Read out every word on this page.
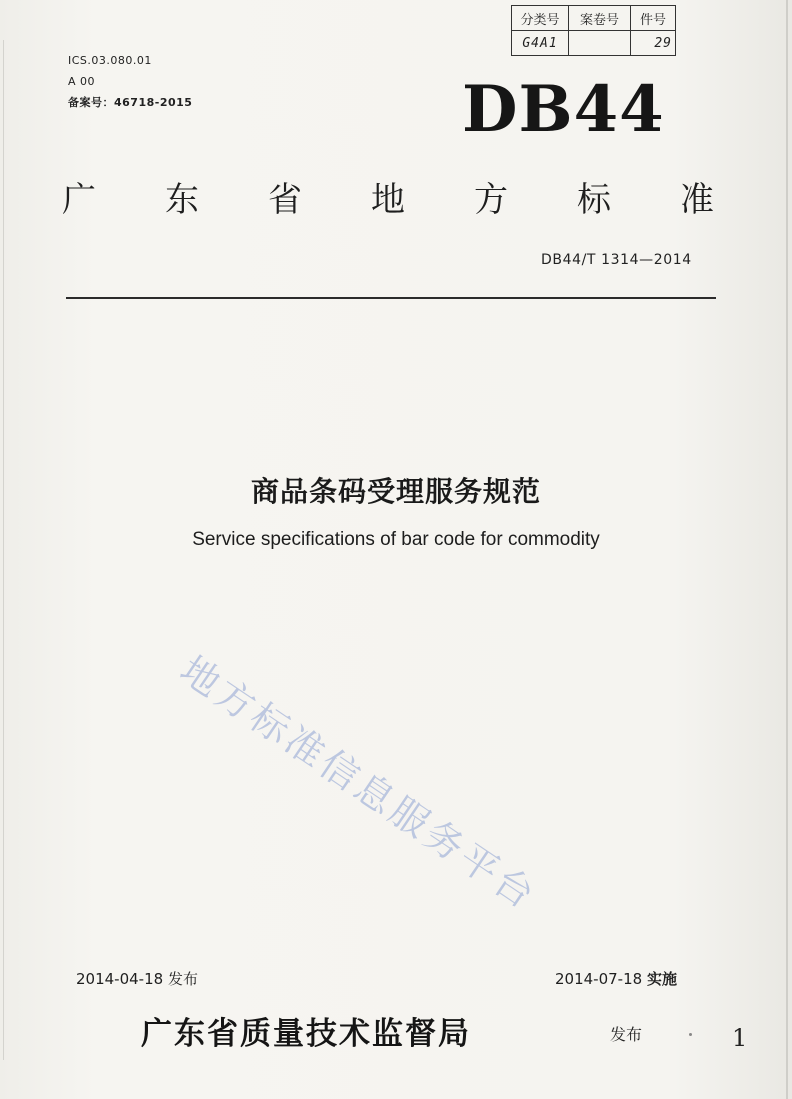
分类号	案卷号	件号
G4A1		29
ICS.03.080.01
A 00
备案号：46718-2015	DB44
广 东 省 地 方 标 准
DB44/T 1314—2014
商品条码受理服务规范
Service specifications of bar code for commodity
地方标准信息服务平台
2014-04-18 发布	2014-07-18 实施
广东省质量技术监督局	发布	1
